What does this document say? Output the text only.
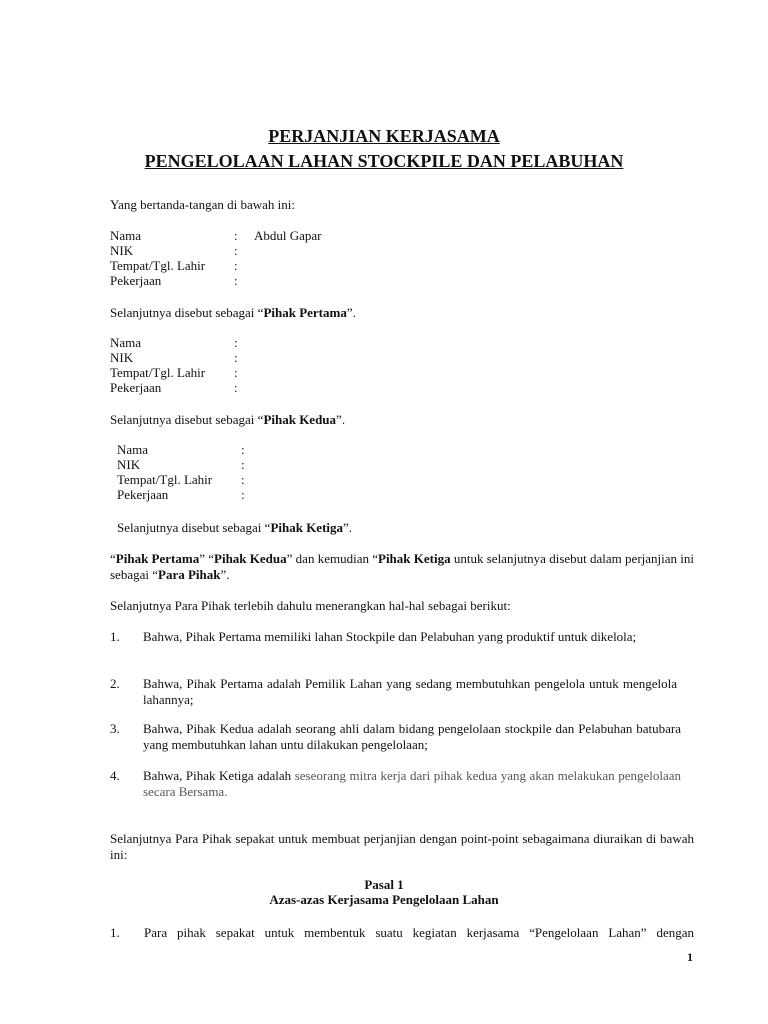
PERJANJIAN KERJASAMA
PENGELOLAAN LAHAN STOCKPILE DAN PELABUHAN
Yang bertanda-tangan di bawah ini:
Nama	: Abdul Gapar
NIK	:
Tempat/Tgl. Lahir :
Pekerjaan	:
Selanjutnya disebut sebagai “Pihak Pertama”.
Nama	:
NIK	:
Tempat/Tgl. Lahir :
Pekerjaan	:
Selanjutnya disebut sebagai “Pihak Kedua”.
Nama	:
NIK	:
Tempat/Tgl. Lahir :
Pekerjaan	:
Selanjutnya disebut sebagai “Pihak Ketiga”.
“Pihak Pertama” “Pihak Kedua” dan kemudian “Pihak Ketiga untuk selanjutnya disebut dalam perjanjian ini sebagai “Para Pihak”.
Selanjutnya Para Pihak terlebih dahulu menerangkan hal-hal sebagai berikut:
1. Bahwa, Pihak Pertama memiliki lahan Stockpile dan Pelabuhan yang produktif untuk dikelola;
2. Bahwa, Pihak Pertama adalah Pemilik Lahan yang sedang membutuhkan pengelola untuk mengelola lahannya;
3. Bahwa, Pihak Kedua adalah seorang ahli dalam bidang pengelolaan stockpile dan Pelabuhan batubara yang membutuhkan lahan untu dilakukan pengelolaan;
4. Bahwa, Pihak Ketiga adalah seseorang mitra kerja dari pihak kedua yang akan melakukan pengelolaan secara Bersama.
Selanjutnya Para Pihak sepakat untuk membuat perjanjian dengan point-point sebagaimana diuraikan di bawah ini:
Pasal 1
Azas-azas Kerjasama Pengelolaan Lahan
1. Para pihak sepakat untuk membentuk suatu kegiatan kerjasama “Pengelolaan Lahan” dengan
1
